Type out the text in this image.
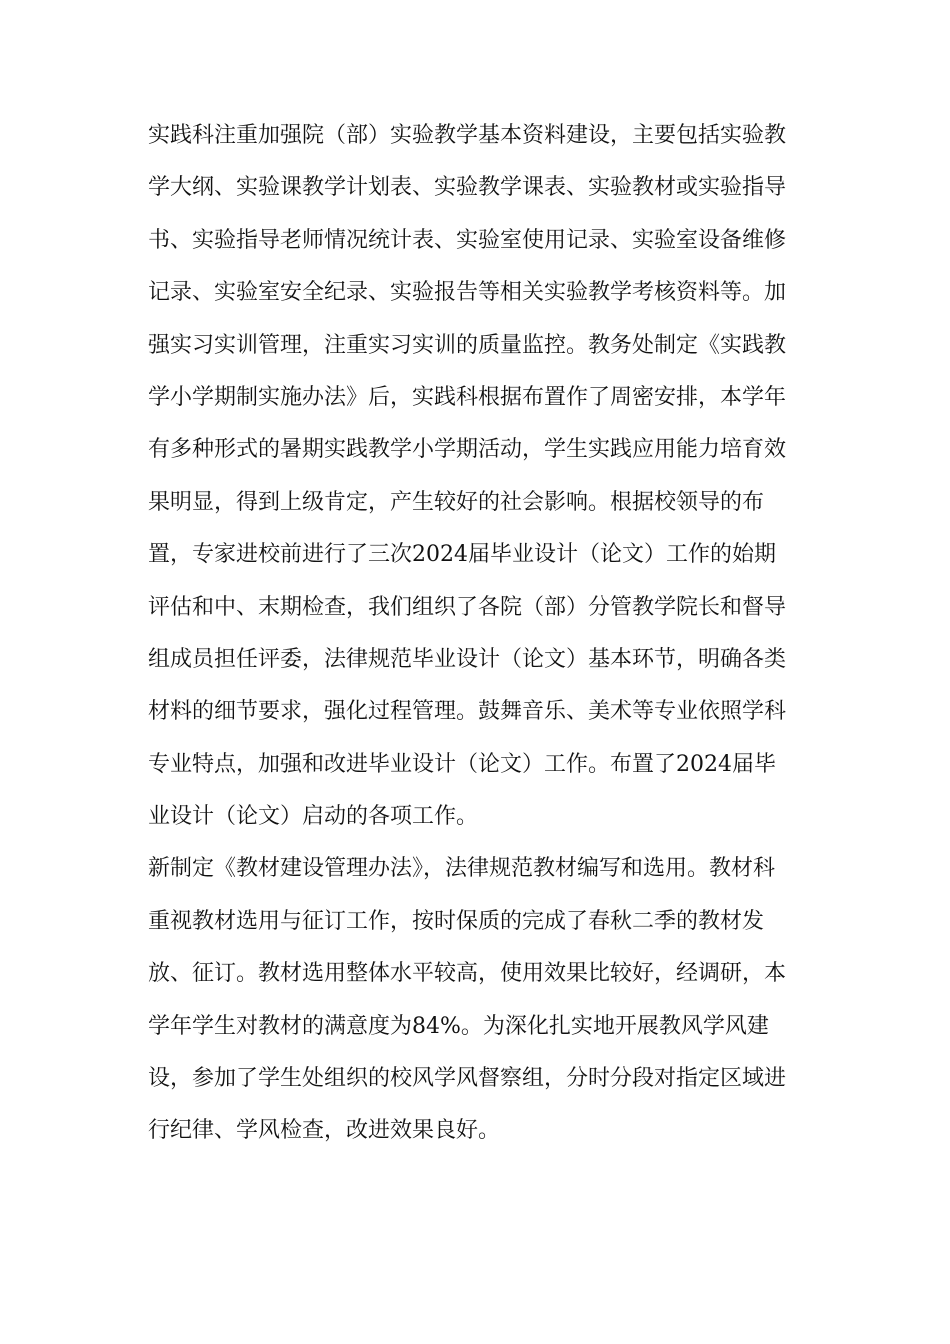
实践科注重加强院（部）实验教学基本资料建设，主要包括实验教
学大纲、实验课教学计划表、实验教学课表、实验教材或实验指导
书、实验指导老师情况统计表、实验室使用记录、实验室设备维修
记录、实验室安全纪录、实验报告等相关实验教学考核资料等。加
强实习实训管理，注重实习实训的质量监控。教务处制定《实践教
学小学期制实施办法》后，实践科根据布置作了周密安排，本学年
有多种形式的暑期实践教学小学期活动，学生实践应用能力培育效
果明显，得到上级肯定，产生较好的社会影响。根据校领导的布
置，专家进校前进行了三次2024届毕业设计（论文）工作的始期
评估和中、末期检查，我们组织了各院（部）分管教学院长和督导
组成员担任评委，法律规范毕业设计（论文）基本环节，明确各类
材料的细节要求，强化过程管理。鼓舞音乐、美术等专业依照学科
专业特点，加强和改进毕业设计（论文）工作。布置了2024届毕
业设计（论文）启动的各项工作。
新制定《教材建设管理办法》，法律规范教材编写和选用。教材科
重视教材选用与征订工作，按时保质的完成了春秋二季的教材发
放、征订。教材选用整体水平较高，使用效果比较好，经调研，本
学年学生对教材的满意度为84%。为深化扎实地开展教风学风建
设，参加了学生处组织的校风学风督察组，分时分段对指定区域进
行纪律、学风检查，改进效果良好。
